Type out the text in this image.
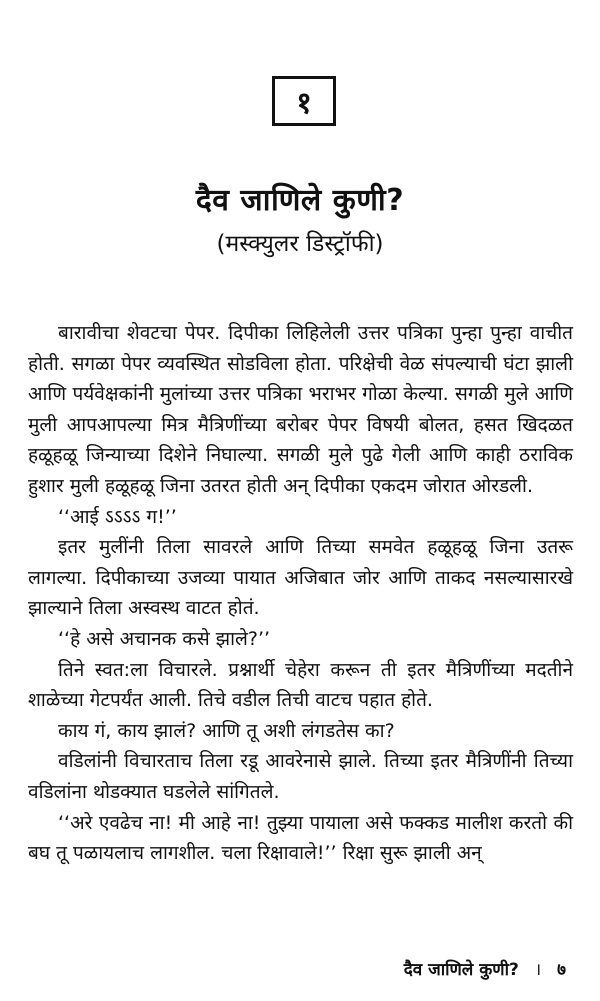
१
दैव जाणिले कुणी?
(मस्क्युलर डिस्ट्रॉफी)

बारावीचा शेवटचा पेपर. दिपीका लिहिलेली उत्तर पत्रिका पुन्हा पुन्हा वाचीत होती. सगळा पेपर व्यवस्थित सोडविला होता. परिक्षेची वेळ संपल्याची घंटा झाली आणि पर्यवेक्षकांनी मुलांच्या उत्तर पत्रिका भराभर गोळा केल्या. सगळी मुले आणि मुली आपआपल्या मित्र मैत्रिणींच्या बरोबर पेपर विषयी बोलत, हसत खिदळत हळूहळू जिन्याच्या दिशेने निघाल्या. सगळी मुले पुढे गेली आणि काही ठराविक हुशार मुली हळूहळू जिना उतरत होती अन् दिपीका एकदम जोरात ओरडली.

‘‘आई ऽऽऽऽ ग!’’

इतर मुलींनी तिला सावरले आणि तिच्या समवेत हळूहळू जिना उतरू लागल्या. दिपीकाच्या उजव्या पायात अजिबात जोर आणि ताकद नसल्यासारखे झाल्याने तिला अस्वस्थ वाटत होतं.

‘‘हे असे अचानक कसे झाले?’’

तिने स्वत:ला विचारले. प्रश्नार्थी चेहेरा करून ती इतर मैत्रिणींच्या मदतीने शाळेच्या गेटपर्यंत आली. तिचे वडील तिची वाटच पहात होते.

काय गं, काय झालं? आणि तू अशी लंगडतेस का?

वडिलांनी विचारताच तिला रडू आवरेनासे झाले. तिच्या इतर मैत्रिणींनी तिच्या वडिलांना थोडक्यात घडलेले सांगितले.

‘‘अरे एवढेच ना! मी आहे ना! तुझ्या पायाला असे फक्कड मालीश करतो की बघ तू पळायलाच लागशील. चला रिक्षावाले!’’ रिक्षा सुरू झाली अन्

दैव जाणिले कुणी? । ७
